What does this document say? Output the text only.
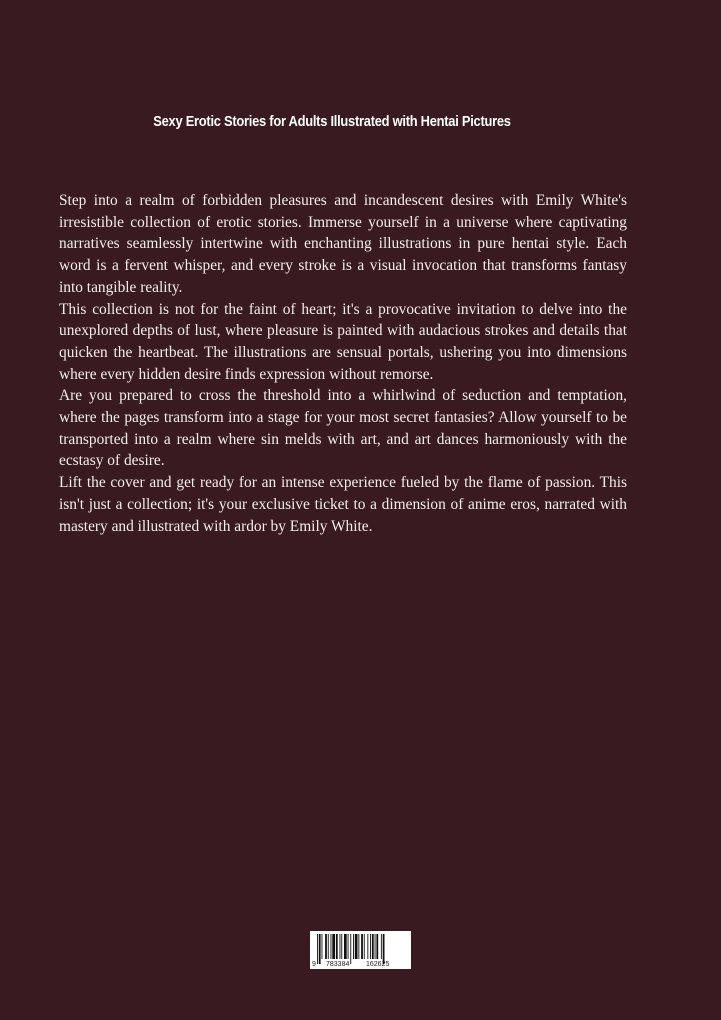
Sexy Erotic Stories for Adults Illustrated with Hentai Pictures

Step into a realm of forbidden pleasures and incandescent desires with Emily White's irresistible collection of erotic stories. Immerse yourself in a universe where captivating narratives seamlessly intertwine with enchanting illustrations in pure hentai style. Each word is a fervent whisper, and every stroke is a visual invocation that transforms fantasy into tangible reality.

This collection is not for the faint of heart; it's a provocative invitation to delve into the unexplored depths of lust, where pleasure is painted with audacious strokes and details that quicken the heartbeat. The illustrations are sensual portals, ushering you into dimensions where every hidden desire finds expression without remorse.

Are you prepared to cross the threshold into a whirlwind of seduction and temptation, where the pages transform into a stage for your most secret fantasies? Allow yourself to be transported into a realm where sin melds with art, and art dances harmoniously with the ecstasy of desire.

Lift the cover and get ready for an intense experience fueled by the flame of passion. This isn't just a collection; it's your exclusive ticket to a dimension of anime eros, narrated with mastery and illustrated with ardor by Emily White.

9 783384 162625
